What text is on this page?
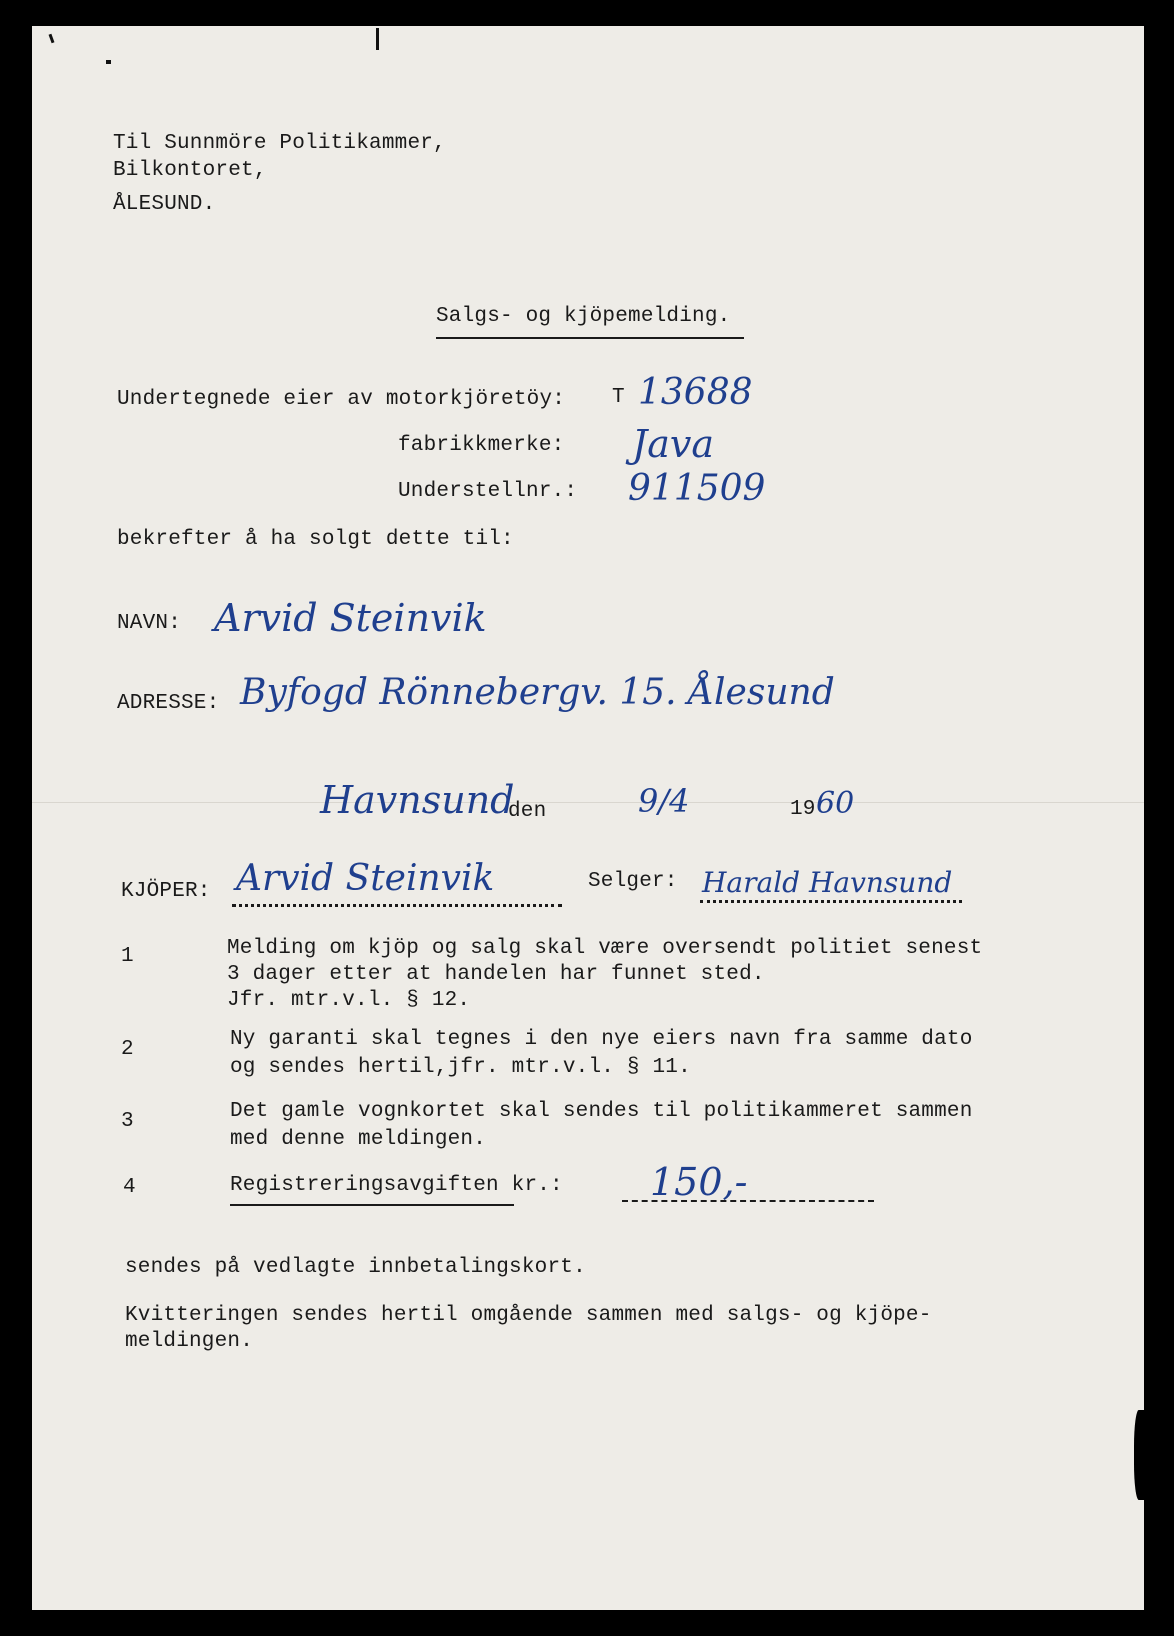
Til Sunnmöre Politikammer,
Bilkontoret,
ÅLESUND.
Salgs- og kjöpemelding.
Undertegnede eier av motorkjöretöy: T 13688
fabrikkmerke: Java
Understellnr.: 911509
bekrefter å ha solgt dette til:
NAVN: Arvid Steinvik
ADRESSE: Byfogd Rönnebergv. 15. Ålesund
Havnsund
den	9/4	19 60
KJÖPER: Arvid Steinvik	Selger: Harald Havnsund
1	Melding om kjöp og salg skal være oversendt politiet senest
3 dager etter at handelen har funnet sted.
Jfr. mtr.v.l. § 12.
2	Ny garanti skal tegnes i den nye eiers navn fra samme dato
og sendes hertil,jfr. mtr.v.l. § 11.
3	Det gamle vognkortet skal sendes til politikammeret sammen
med denne meldingen.
4	Registreringsavgiften kr.: 150,-
sendes på vedlagte innbetalingskort.
Kvitteringen sendes hertil omgående sammen med salgs- og kjöpe-
meldingen.
